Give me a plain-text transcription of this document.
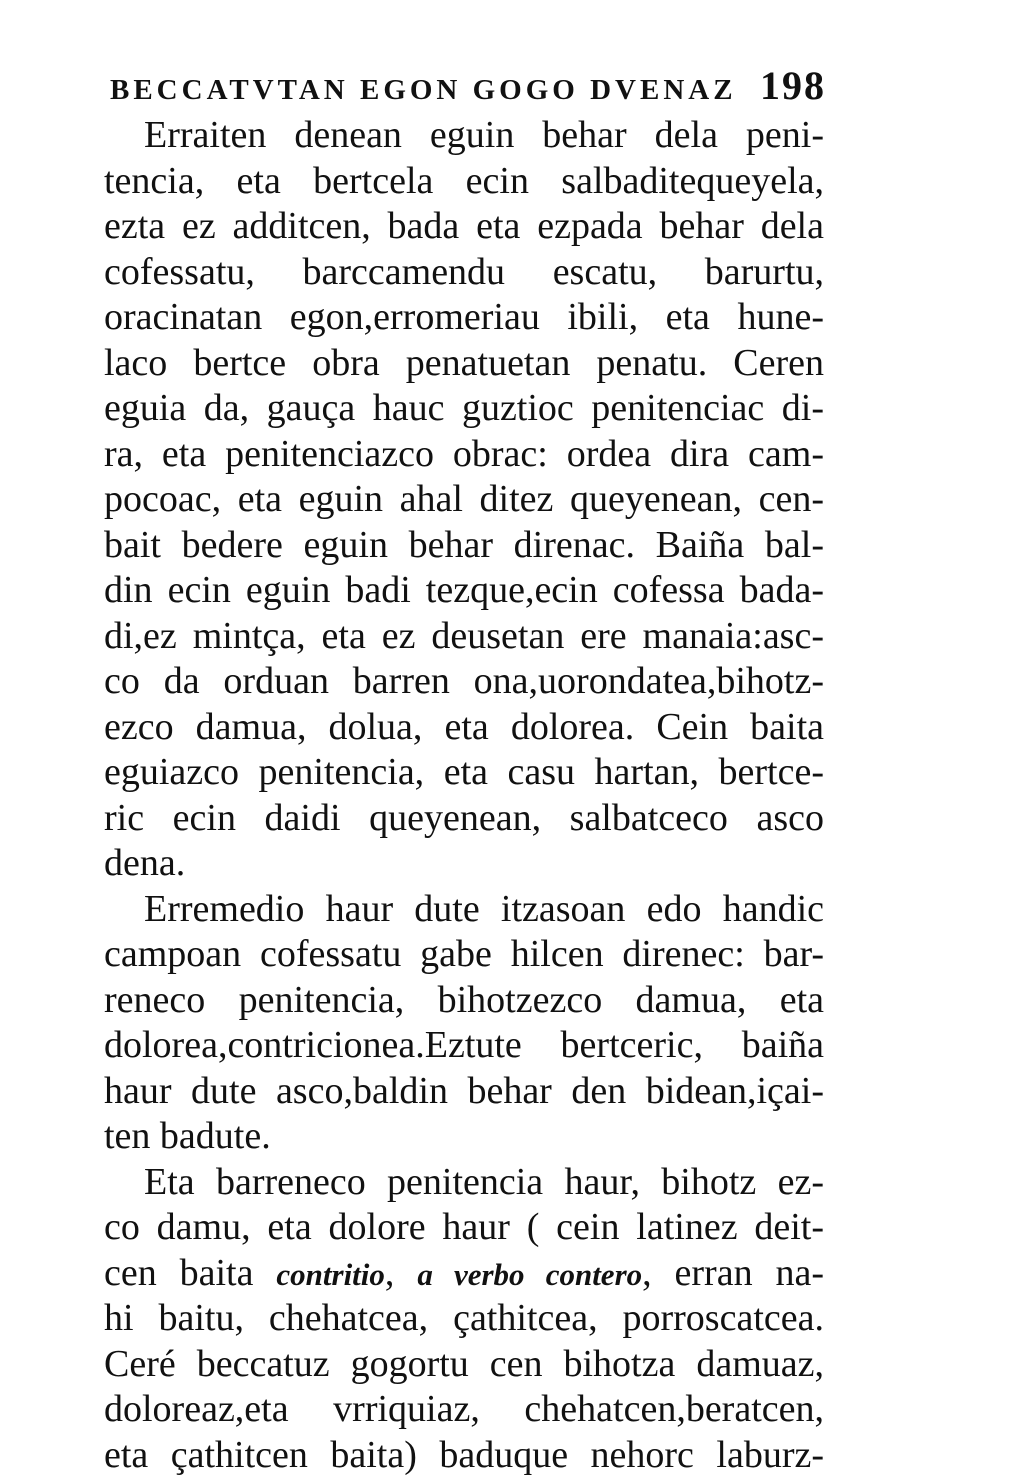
BECCATVTAN EGON GOGO DVENAZ 198
Erraiten denean eguin behar dela peni-
tencia, eta bertcela ecin salbaditequeyela,
ezta ez additcen, bada eta ezpada behar dela
cofessatu, barccamendu escatu, barurtu,
oracinatan egon,erromeriau ibili, eta hune-
laco bertce obra penatuetan penatu. Ceren
eguia da, gauça hauc guztioc penitenciac di-
ra, eta penitenciazco obrac: ordea dira cam-
pocoac, eta eguin ahal ditez queyenean, cen-
bait bedere eguin behar direnac. Baiña bal-
din ecin eguin badi tezque,ecin cofessa bada-
di,ez mintça, eta ez deusetan ere manaia:asc-
co da orduan barren ona,uorondatea,bihotz-
ezco damua, dolua, eta dolorea. Cein baita
eguiazco penitencia, eta casu hartan, bertce-
ric ecin daidi queyenean, salbatceco asco
dena.
Erremedio haur dute itzasoan edo handic
campoan cofessatu gabe hilcen direnec: bar-
reneco penitencia, bihotzezco damua, eta
dolorea,contricionea.Eztute bertceric, baiña
haur dute asco,baldin behar den bidean,içai-
ten badute.
Eta barreneco penitencia haur, bihotz ez-
co damu, eta dolore haur ( cein latinez deit-
cen baita contritio, a verbo contero, erran na-
hi baitu, chehatcea, çathitcea, porroscatcea.
Ceré beccatuz gogortu cen bihotza damuaz,
doloreaz,eta vrriquiaz, chehatcen,beratcen,
eta çathitcen baita) baduque nehorc laburz-
